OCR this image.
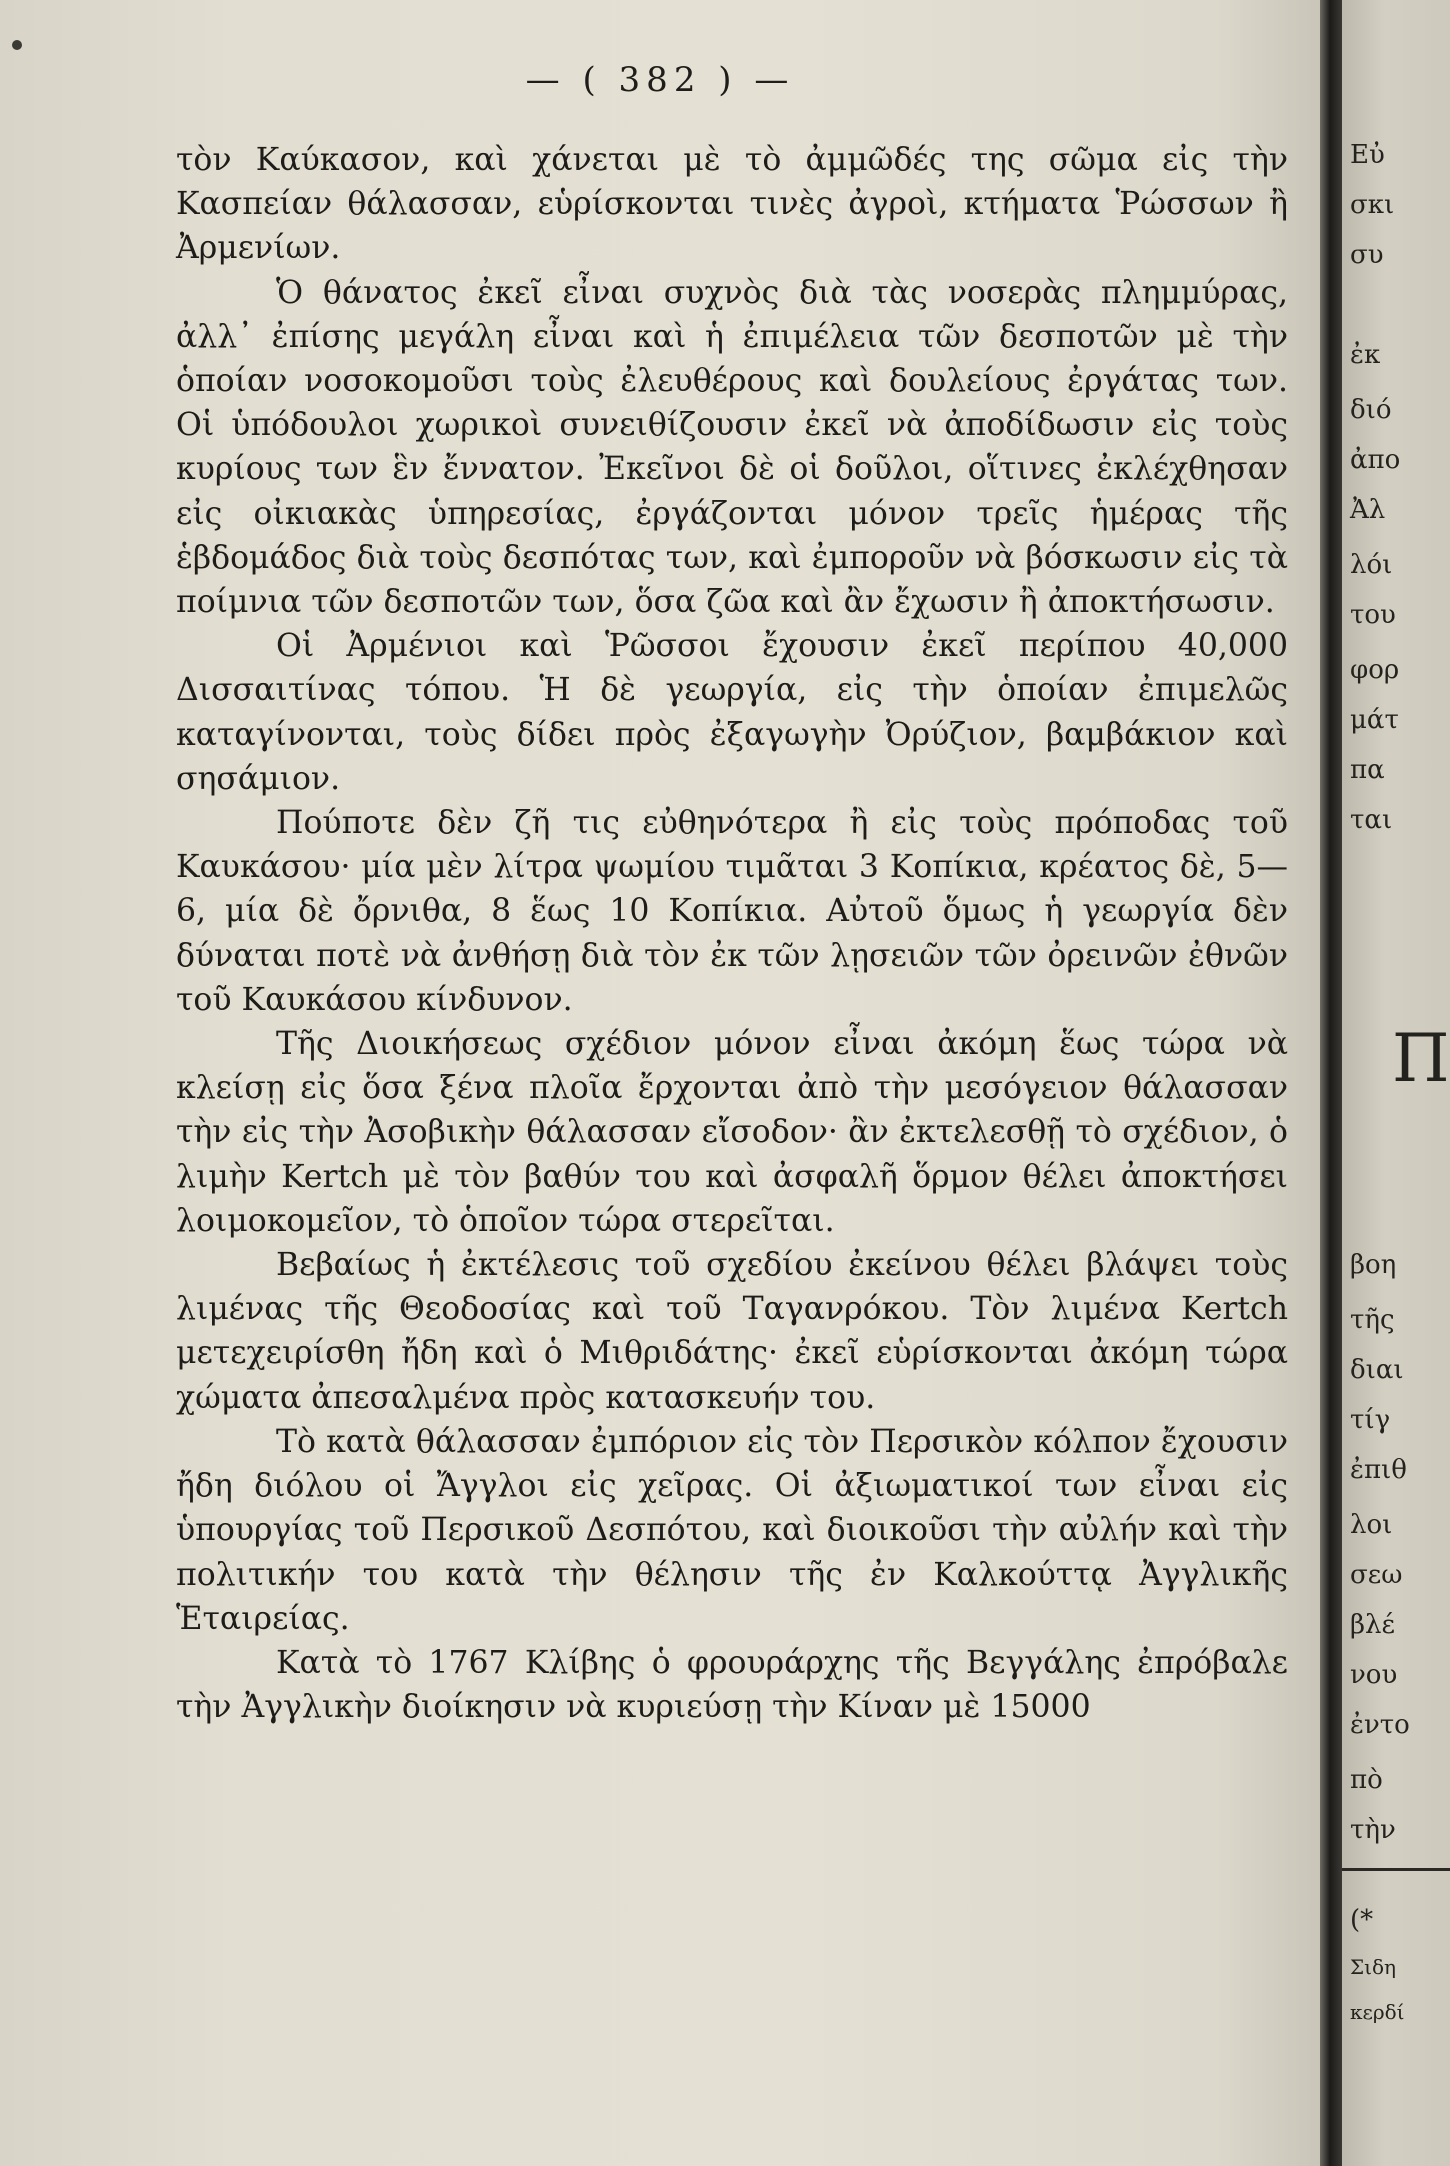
— ( 382 ) —

τὸν Καύκασον, καὶ χάνεται μὲ τὸ ἀμμῶδές της σῶμα εἰς τὴν Κασπείαν θάλασσαν, εὑρίσκονται τινὲς ἀγροὶ, κτήματα Ῥώσσων ἢ Ἀρμενίων.

Ὁ θάνατος ἐκεῖ εἶναι συχνὸς διὰ τὰς νοσερὰς πλημμύρας, ἀλλ᾽ ἐπίσης μεγάλη εἶναι καὶ ἡ ἐπιμέλεια τῶν δεσποτῶν μὲ τὴν ὁποίαν νοσοκομοῦσι τοὺς ἐλευθέρους καὶ δουλείους ἐργάτας των. Οἱ ὑπόδουλοι χωρικοὶ συνειθίζουσιν ἐκεῖ νὰ ἀποδίδωσιν εἰς τοὺς κυρίους των ἓν ἔννατον. Ἐκεῖνοι δὲ οἱ δοῦλοι, οἵτινες ἐκλέχθησαν εἰς οἰκιακὰς ὑπηρεσίας, ἐργάζονται μόνον τρεῖς ἡμέρας τῆς ἑβδομάδος διὰ τοὺς δεσπότας των, καὶ ἐμποροῦν νὰ βόσκωσιν εἰς τὰ ποίμνια τῶν δεσποτῶν των, ὅσα ζῶα καὶ ἂν ἔχωσιν ἢ ἀποκτήσωσιν.

Οἱ Ἀρμένιοι καὶ Ῥῶσσοι ἔχουσιν ἐκεῖ περίπου 40,000 Δισσαιτίνας τόπου. Ἡ δὲ γεωργία, εἰς τὴν ὁποίαν ἐπιμελῶς καταγίνονται, τοὺς δίδει πρὸς ἐξαγωγὴν Ὀρύζιον, βαμβάκιον καὶ σησάμιον.

Πούποτε δὲν ζῆ τις εὐθηνότερα ἢ εἰς τοὺς πρόποδας τοῦ Καυκάσου· μία μὲν λίτρα ψωμίου τιμᾶται 3 Κοπίκια, κρέατος δὲ, 5—6, μία δὲ ὄρνιθα, 8 ἕως 10 Κοπίκια. Αὐτοῦ ὅμως ἡ γεωργία δὲν δύναται ποτὲ νὰ ἀνθήσῃ διὰ τὸν ἐκ τῶν λῃσειῶν τῶν ὀρεινῶν ἐθνῶν τοῦ Καυκάσου κίνδυνον.

Τῆς Διοικήσεως σχέδιον μόνον εἶναι ἀκόμη ἕως τώρα νὰ κλείσῃ εἰς ὅσα ξένα πλοῖα ἔρχονται ἀπὸ τὴν μεσόγειον θάλασσαν τὴν εἰς τὴν Ἀσοβικὴν θάλασσαν εἴσοδον· ἂν ἐκτελεσθῇ τὸ σχέδιον, ὁ λιμὴν Kertch μὲ τὸν βαθύν του καὶ ἀσφαλῆ ὅρμον θέλει ἀποκτήσει λοιμοκομεῖον, τὸ ὁποῖον τώρα στερεῖται.

Βεβαίως ἡ ἐκτέλεσις τοῦ σχεδίου ἐκείνου θέλει βλάψει τοὺς λιμένας τῆς Θεοδοσίας καὶ τοῦ Ταγανρόκου. Τὸν λιμένα Kertch μετεχειρίσθη ἤδη καὶ ὁ Μιθριδάτης· ἐκεῖ εὑρίσκονται ἀκόμη τώρα χώματα ἀπεσαλμένα πρὸς κατασκευήν του.

Τὸ κατὰ θάλασσαν ἐμπόριον εἰς τὸν Περσικὸν κόλπον ἔχουσιν ἤδη διόλου οἱ Ἄγγλοι εἰς χεῖρας. Οἱ ἀξιωματικοί των εἶναι εἰς ὑπουργίας τοῦ Περσικοῦ Δεσπότου, καὶ διοικοῦσι τὴν αὐλήν καὶ τὴν πολιτικήν του κατὰ τὴν θέλησιν τῆς ἐν Καλκούττᾳ Ἀγγλικῆς Ἑταιρείας.

Κατὰ τὸ 1767 Κλίβης ὁ φρουράρχης τῆς Βεγγάλης ἐπρόβαλε τὴν Ἀγγλικὴν διοίκησιν νὰ κυριεύσῃ τὴν Κίναν μὲ 15000

Εὐ
σκι
συ
ἐκ
διό
ἀπο
Ἀλ
λόι
του
φορ
μάτ
πα
ται
Π
βοη
τῆς
διαι
τίγ
ἐπιθ
λοι
σεω
βλέ
νου
ἐντο
πὸ
τὴν
(*
Σιδη
κερδί
